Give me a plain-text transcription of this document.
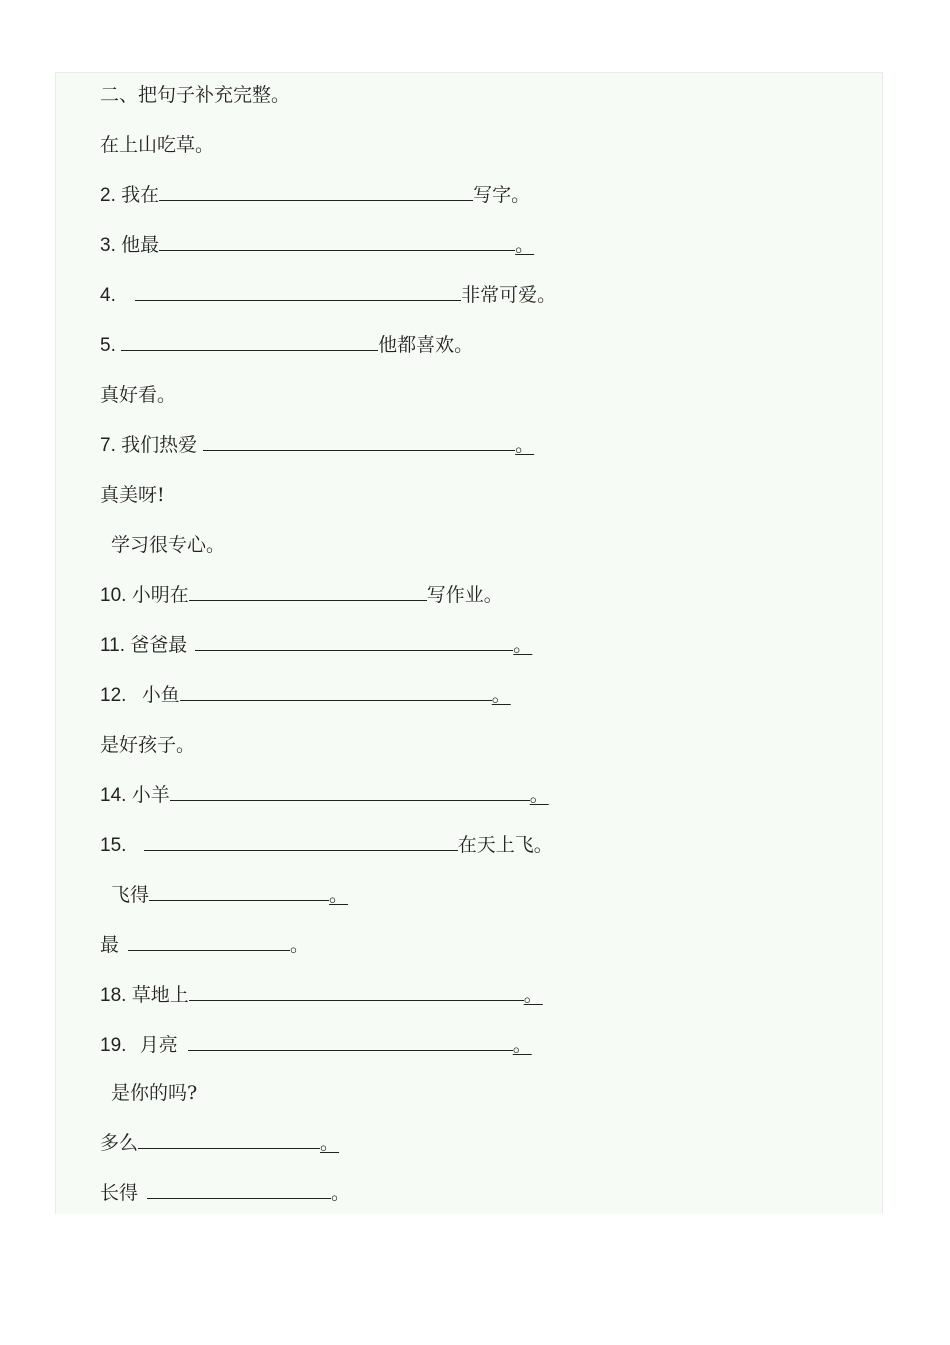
二、把句子补充完整。
在上山吃草。
2. 我在	写字。
3. 他最	。
4.	非常可爱。
5.	他都喜欢。
真好看。
7. 我们热爱	。
真美呀!
学习很专心。
10. 小明在	写作业。
11. 爸爸最	。
12. 小鱼	。
是好孩子。
14. 小羊	。
15.	在天上飞。
飞得	。
最	。
18. 草地上	。
19. 月亮	。
是你的吗?
多么	。
长得	。
